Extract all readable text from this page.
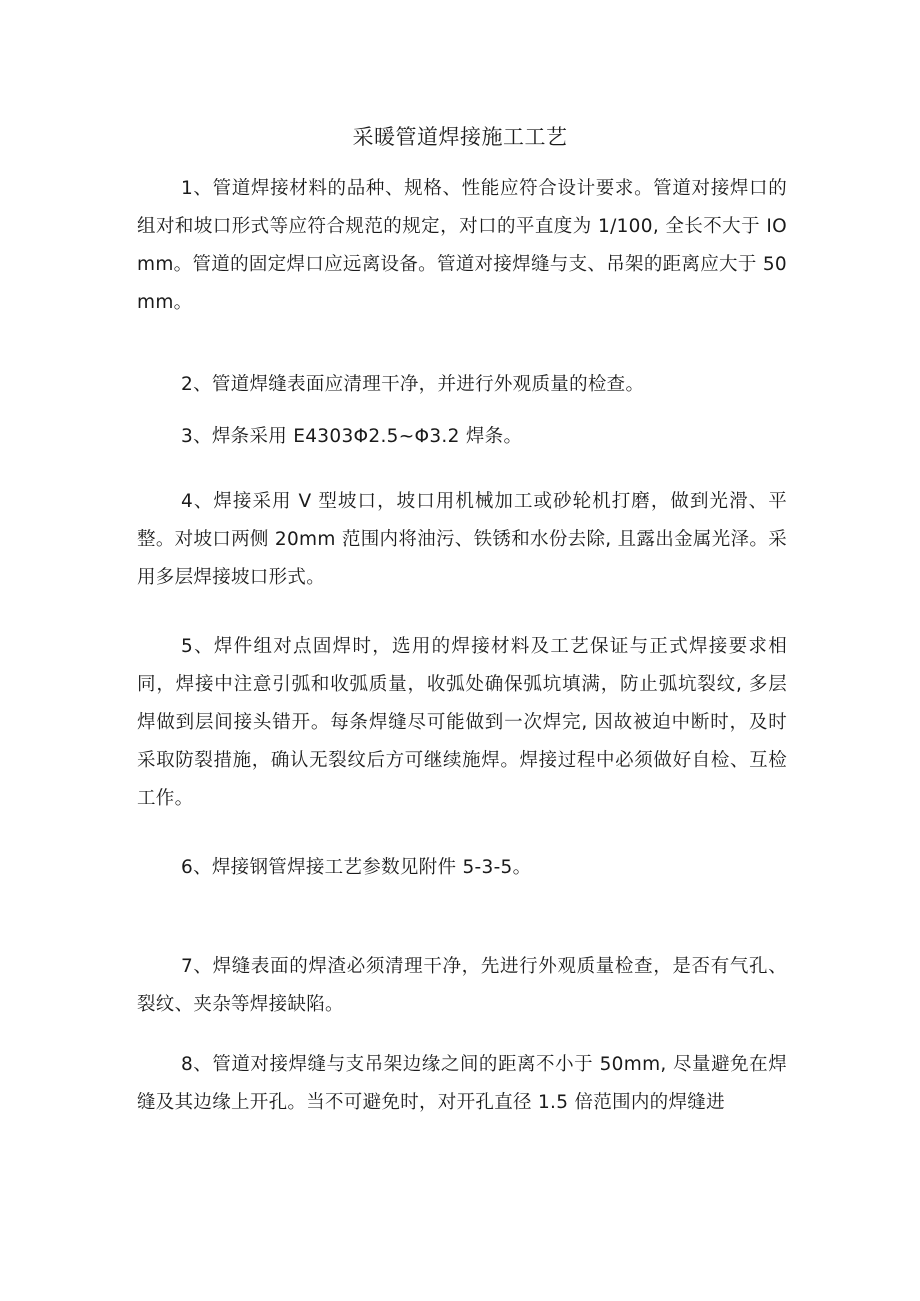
采暖管道焊接施工工艺

1、管道焊接材料的品种、规格、性能应符合设计要求。管道对接焊口的组对和坡口形式等应符合规范的规定，对口的平直度为 1/100, 全长不大于 IOmm。管道的固定焊口应远离设备。管道对接焊缝与支、吊架的距离应大于 50mm。

2、管道焊缝表面应清理干净，并进行外观质量的检查。

3、焊条采用 E4303Φ2.5~Φ3.2 焊条。

4、焊接采用 V 型坡口，坡口用机械加工或砂轮机打磨，做到光滑、平整。对坡口两侧 20mm 范围内将油污、铁锈和水份去除, 且露出金属光泽。采用多层焊接坡口形式。

5、焊件组对点固焊时，选用的焊接材料及工艺保证与正式焊接要求相同，焊接中注意引弧和收弧质量，收弧处确保弧坑填满，防止弧坑裂纹, 多层焊做到层间接头错开。每条焊缝尽可能做到一次焊完, 因故被迫中断时，及时采取防裂措施，确认无裂纹后方可继续施焊。焊接过程中必须做好自检、互检工作。

6、焊接钢管焊接工艺参数见附件 5-3-5。

7、焊缝表面的焊渣必须清理干净，先进行外观质量检查，是否有气孔、裂纹、夹杂等焊接缺陷。

8、管道对接焊缝与支吊架边缘之间的距离不小于 50mm, 尽量避免在焊缝及其边缘上开孔。当不可避免时，对开孔直径 1.5 倍范围内的焊缝进
